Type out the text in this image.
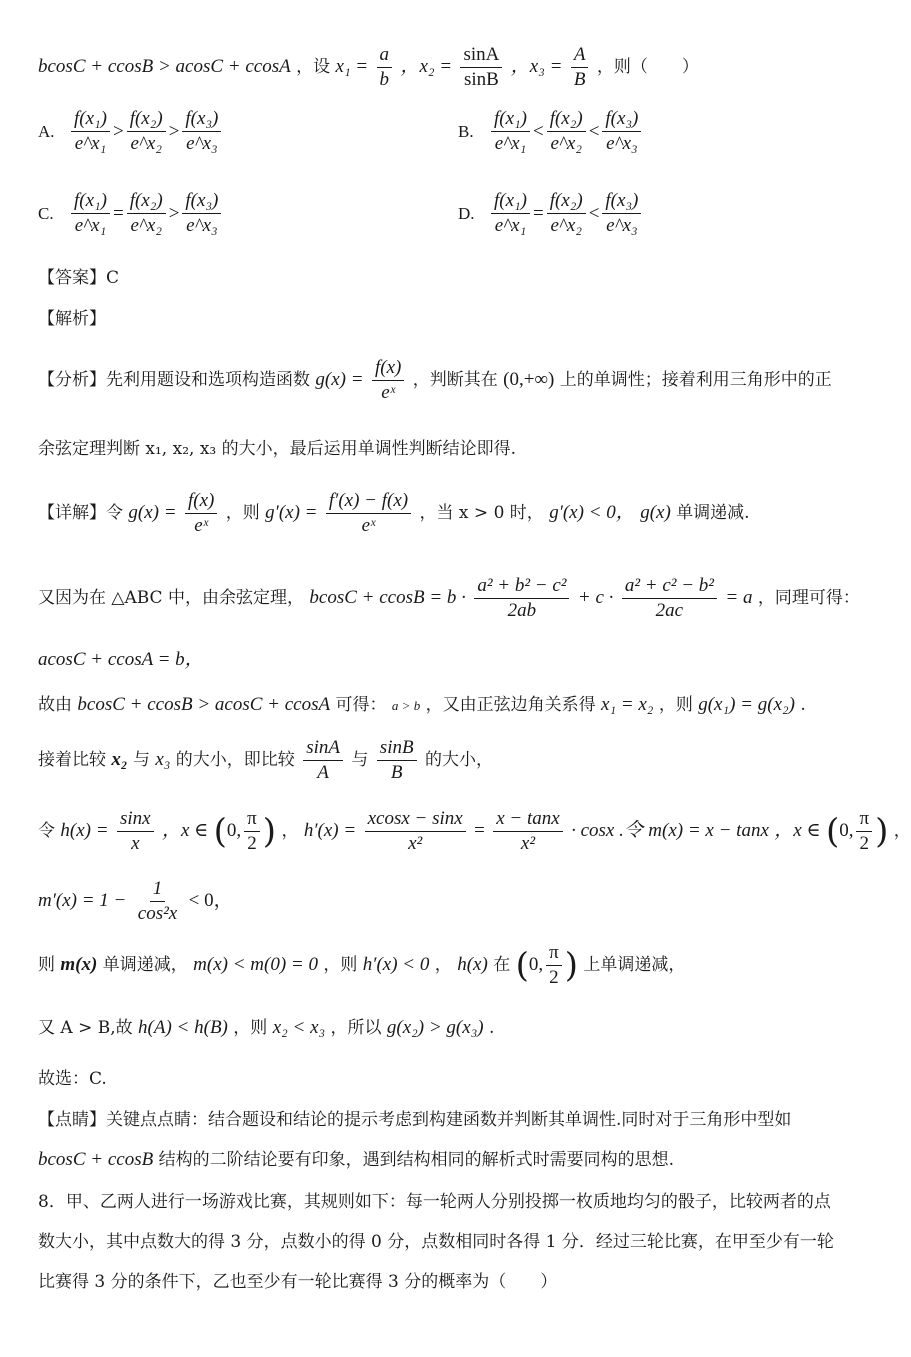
bcosC + ccosB > acosC + ccosA ，设 $x_1 = \frac{a}{b}$ ，$x_2 = \frac{\sin A}{\sin B}$ ，$x_3 = \frac{A}{B}$ ，则（　　）
A. $\frac{\text{f(x₁)}}{\text{e\textasciicircum{}x₁}} > \frac{\text{f(x₂)}}{\text{e\textasciicircum{}x₂}} > \frac{\text{f(x₃)}}{\text{e\textasciicircum{}x₃}}$	B. $\frac{\text{f(x₁)}}{\text{e\textasciicircum{}x₁}} < \frac{\text{f(x₂)}}{\text{e\textasciicircum{}x₂}} < \frac{\text{f(x₃)}}{\text{e\textasciicircum{}x₃}}$
C. $\frac{\text{f(x₁)}}{\text{e\textasciicircum{}x₁}} = \frac{\text{f(x₂)}}{\text{e\textasciicircum{}x₂}} > \frac{\text{f(x₃)}}{\text{e\textasciicircum{}x₃}}$	D. $\frac{\text{f(x₁)}}{\text{e\textasciicircum{}x₁}} = \frac{\text{f(x₂)}}{\text{e\textasciicircum{}x₂}} < \frac{\text{f(x₃)}}{\text{e\textasciicircum{}x₃}}$
【答案】C
【解析】
【分析】先利用题设和选项构造函数 $g(x) = \frac{f(x)}{\text{eˣ}}$ ，判断其在 (0,+∞) 上的单调性；接着利用三角形中的正
余弦定理判断 x₁, x₂, x₃ 的大小，最后运用单调性判断结论即得.
【详解】令 $g(x) = \frac{f(x)}{\text{eˣ}}$ ，则 $g'(x) = \frac{f'(x) - f(x)}{\text{eˣ}}$ ，当 x > 0 时， g′(x) < 0， g(x) 单调递减.
又因为在 △ABC 中，由余弦定理， $bcosC + ccosB = b \cdot \frac{\text{a² + b² − c²}}{2ab} + c \cdot \frac{\text{a² + c² − b²}}{2ac} = a$ ，同理可得：
acosC + ccosA = b，
故由 bcosC + ccosB > acosC + ccosA 可得： a > b ，又由正弦边角关系得 x₁ = x₂ ，则 g(x₁) = g(x₂) .
接着比较 x₂ 与 x₃ 的大小，即比较 $\frac{\sin A}{A}$ 与 $\frac{\sin B}{B}$ 的大小，
令 $h(x) = \frac{\sin x}{x}$ ，x ∈ (0, $\frac{\pi}{2}$ ) ， $h'(x) = \frac{xcosx - \sin x}{\text{x²}} = \frac{x - \tan x}{\text{x²}} \cdot \cos x$ .令 m(x) = x − tanx ，x ∈ (0, $\frac{\pi}{2}$ ) ，
$m'(x) = 1 - \frac{1}{\text{cos²x}} < 0$，
则 m(x) 单调递减， m(x) < m(0) = 0 ，则 h′(x) < 0 ， h(x) 在 (0, $\frac{\pi}{2}$ ) 上单调递减，
又 A > B,故 h(A) < h(B) ，则 x₂ < x₃ ，所以 g(x₂) > g(x₃) .
故选：C.
【点睛】关键点点睛：结合题设和结论的提示考虑到构建函数并判断其单调性.同时对于三角形中型如
bcosC + ccosB 结构的二阶结论要有印象，遇到结构相同的解析式时需要同构的思想.
8．甲、乙两人进行一场游戏比赛，其规则如下：每一轮两人分别投掷一枚质地均匀的骰子，比较两者的点
数大小，其中点数大的得 3 分，点数小的得 0 分，点数相同时各得 1 分．经过三轮比赛，在甲至少有一轮
比赛得 3 分的条件下，乙也至少有一轮比赛得 3 分的概率为（　　）
